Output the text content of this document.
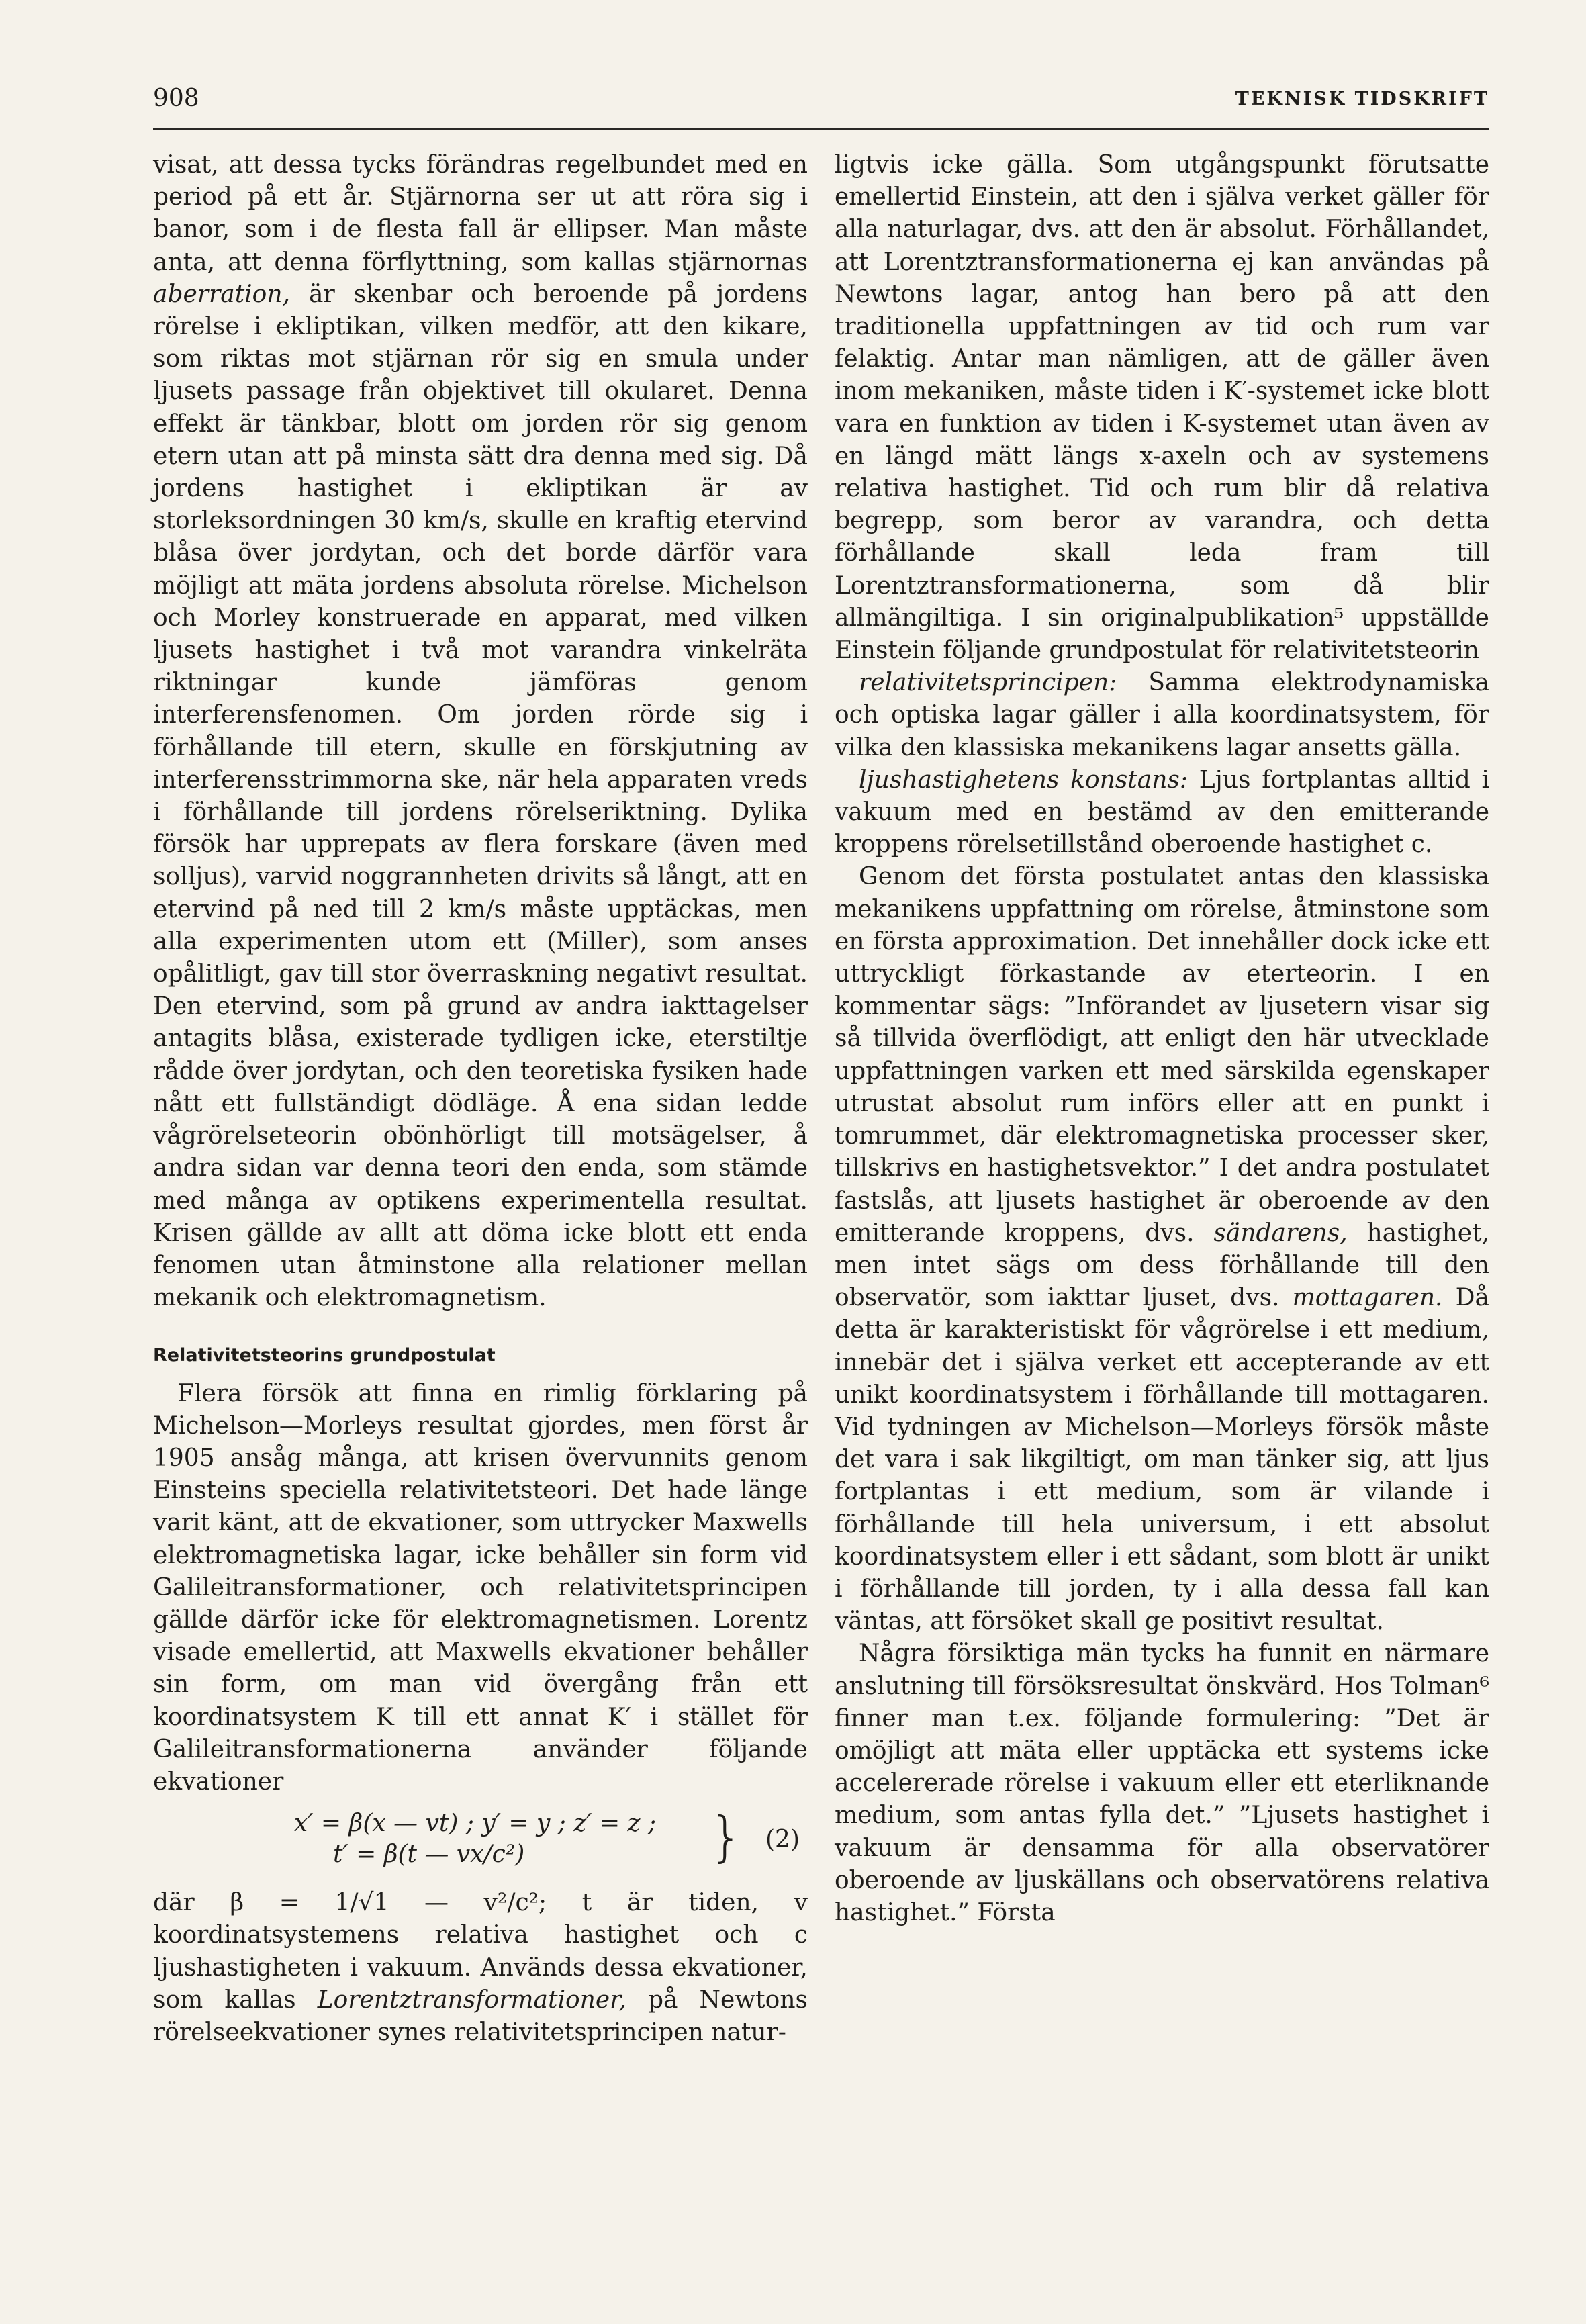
908	TEKNISK TIDSKRIFT

visat, att dessa tycks förändras regelbundet med en period på ett år. Stjärnorna ser ut att röra sig i banor, som i de flesta fall är ellipser. Man måste anta, att denna förflyttning, som kallas stjärnornas aberration, är skenbar och beroende på jordens rörelse i ekliptikan, vilken medför, att den kikare, som riktas mot stjärnan rör sig en smula under ljusets passage från objektivet till okularet. Denna effekt är tänkbar, blott om jorden rör sig genom etern utan att på minsta sätt dra denna med sig. Då jordens hastighet i ekliptikan är av storleksordningen 30 km/s, skulle en kraftig etervind blåsa över jordytan, och det borde därför vara möjligt att mäta jordens absoluta rörelse. Michelson och Morley konstruerade en apparat, med vilken ljusets hastighet i två mot varandra vinkelräta riktningar kunde jämföras genom interferensfenomen. Om jorden rörde sig i förhållande till etern, skulle en förskjutning av interferensstrimmorna ske, när hela apparaten vreds i förhållande till jordens rörelseriktning. Dylika försök har upprepats av flera forskare (även med solljus), varvid noggrannheten drivits så långt, att en etervind på ned till 2 km/s måste upptäckas, men alla experimenten utom ett (Miller), som anses opålitligt, gav till stor överraskning negativt resultat. Den etervind, som på grund av andra iakttagelser antagits blåsa, existerade tydligen icke, eterstiltje rådde över jordytan, och den teoretiska fysiken hade nått ett fullständigt dödläge. Å ena sidan ledde vågrörelseteorin obönhörligt till motsägelser, å andra sidan var denna teori den enda, som stämde med många av optikens experimentella resultat. Krisen gällde av allt att döma icke blott ett enda fenomen utan åtminstone alla relationer mellan mekanik och elektromagnetism.

Relativitetsteorins grundpostulat

Flera försök att finna en rimlig förklaring på Michelson—Morleys resultat gjordes, men först år 1905 ansåg många, att krisen övervunnits genom Einsteins speciella relativitetsteori. Det hade länge varit känt, att de ekvationer, som uttrycker Maxwells elektromagnetiska lagar, icke behåller sin form vid Galileitransformationer, och relativitetsprincipen gällde därför icke för elektromagnetismen. Lorentz visade emellertid, att Maxwells ekvationer behåller sin form, om man vid övergång från ett koordinatsystem K till ett annat K′ i stället för Galileitransformationerna använder följande ekvationer

x′ = β(x — vt) ; y′ = y ; z′ = z ;
t′ = β(t — vx/c²)	} (2)

där β = 1/√1 — v²/c²; t är tiden, v koordinatsystemens relativa hastighet och c ljushastigheten i vakuum. Används dessa ekvationer, som kallas Lorentztransformationer, på Newtons rörelseekvationer synes relativitetsprincipen natur-

ligtvis icke gälla. Som utgångspunkt förutsatte emellertid Einstein, att den i själva verket gäller för alla naturlagar, dvs. att den är absolut. Förhållandet, att Lorentztransformationerna ej kan användas på Newtons lagar, antog han bero på att den traditionella uppfattningen av tid och rum var felaktig. Antar man nämligen, att de gäller även inom mekaniken, måste tiden i K′-systemet icke blott vara en funktion av tiden i K-systemet utan även av en längd mätt längs x-axeln och av systemens relativa hastighet. Tid och rum blir då relativa begrepp, som beror av varandra, och detta förhållande skall leda fram till Lorentztransformationerna, som då blir allmängiltiga. I sin originalpublikation⁵ uppställde Einstein följande grundpostulat för relativitetsteorin

relativitetsprincipen: Samma elektrodynamiska och optiska lagar gäller i alla koordinatsystem, för vilka den klassiska mekanikens lagar ansetts gälla.

ljushastighetens konstans: Ljus fortplantas alltid i vakuum med en bestämd av den emitterande kroppens rörelsetillstånd oberoende hastighet c.

Genom det första postulatet antas den klassiska mekanikens uppfattning om rörelse, åtminstone som en första approximation. Det innehåller dock icke ett uttryckligt förkastande av eterteorin. I en kommentar sägs: ”Införandet av ljusetern visar sig så tillvida överflödigt, att enligt den här utvecklade uppfattningen varken ett med särskilda egenskaper utrustat absolut rum införs eller att en punkt i tomrummet, där elektromagnetiska processer sker, tillskrivs en hastighetsvektor.” I det andra postulatet fastslås, att ljusets hastighet är oberoende av den emitterande kroppens, dvs. sändarens, hastighet, men intet sägs om dess förhållande till den observatör, som iakttar ljuset, dvs. mottagaren. Då detta är karakteristiskt för vågrörelse i ett medium, innebär det i själva verket ett accepterande av ett unikt koordinatsystem i förhållande till mottagaren. Vid tydningen av Michelson—Morleys försök måste det vara i sak likgiltigt, om man tänker sig, att ljus fortplantas i ett medium, som är vilande i förhållande till hela universum, i ett absolut koordinatsystem eller i ett sådant, som blott är unikt i förhållande till jorden, ty i alla dessa fall kan väntas, att försöket skall ge positivt resultat.

Några försiktiga män tycks ha funnit en närmare anslutning till försöksresultat önskvärd. Hos Tolman⁶ finner man t.ex. följande formulering: ”Det är omöjligt att mäta eller upptäcka ett systems icke accelererade rörelse i vakuum eller ett eterliknande medium, som antas fylla det.” ”Ljusets hastighet i vakuum är densamma för alla observatörer oberoende av ljuskällans och observatörens relativa hastighet.” Första
